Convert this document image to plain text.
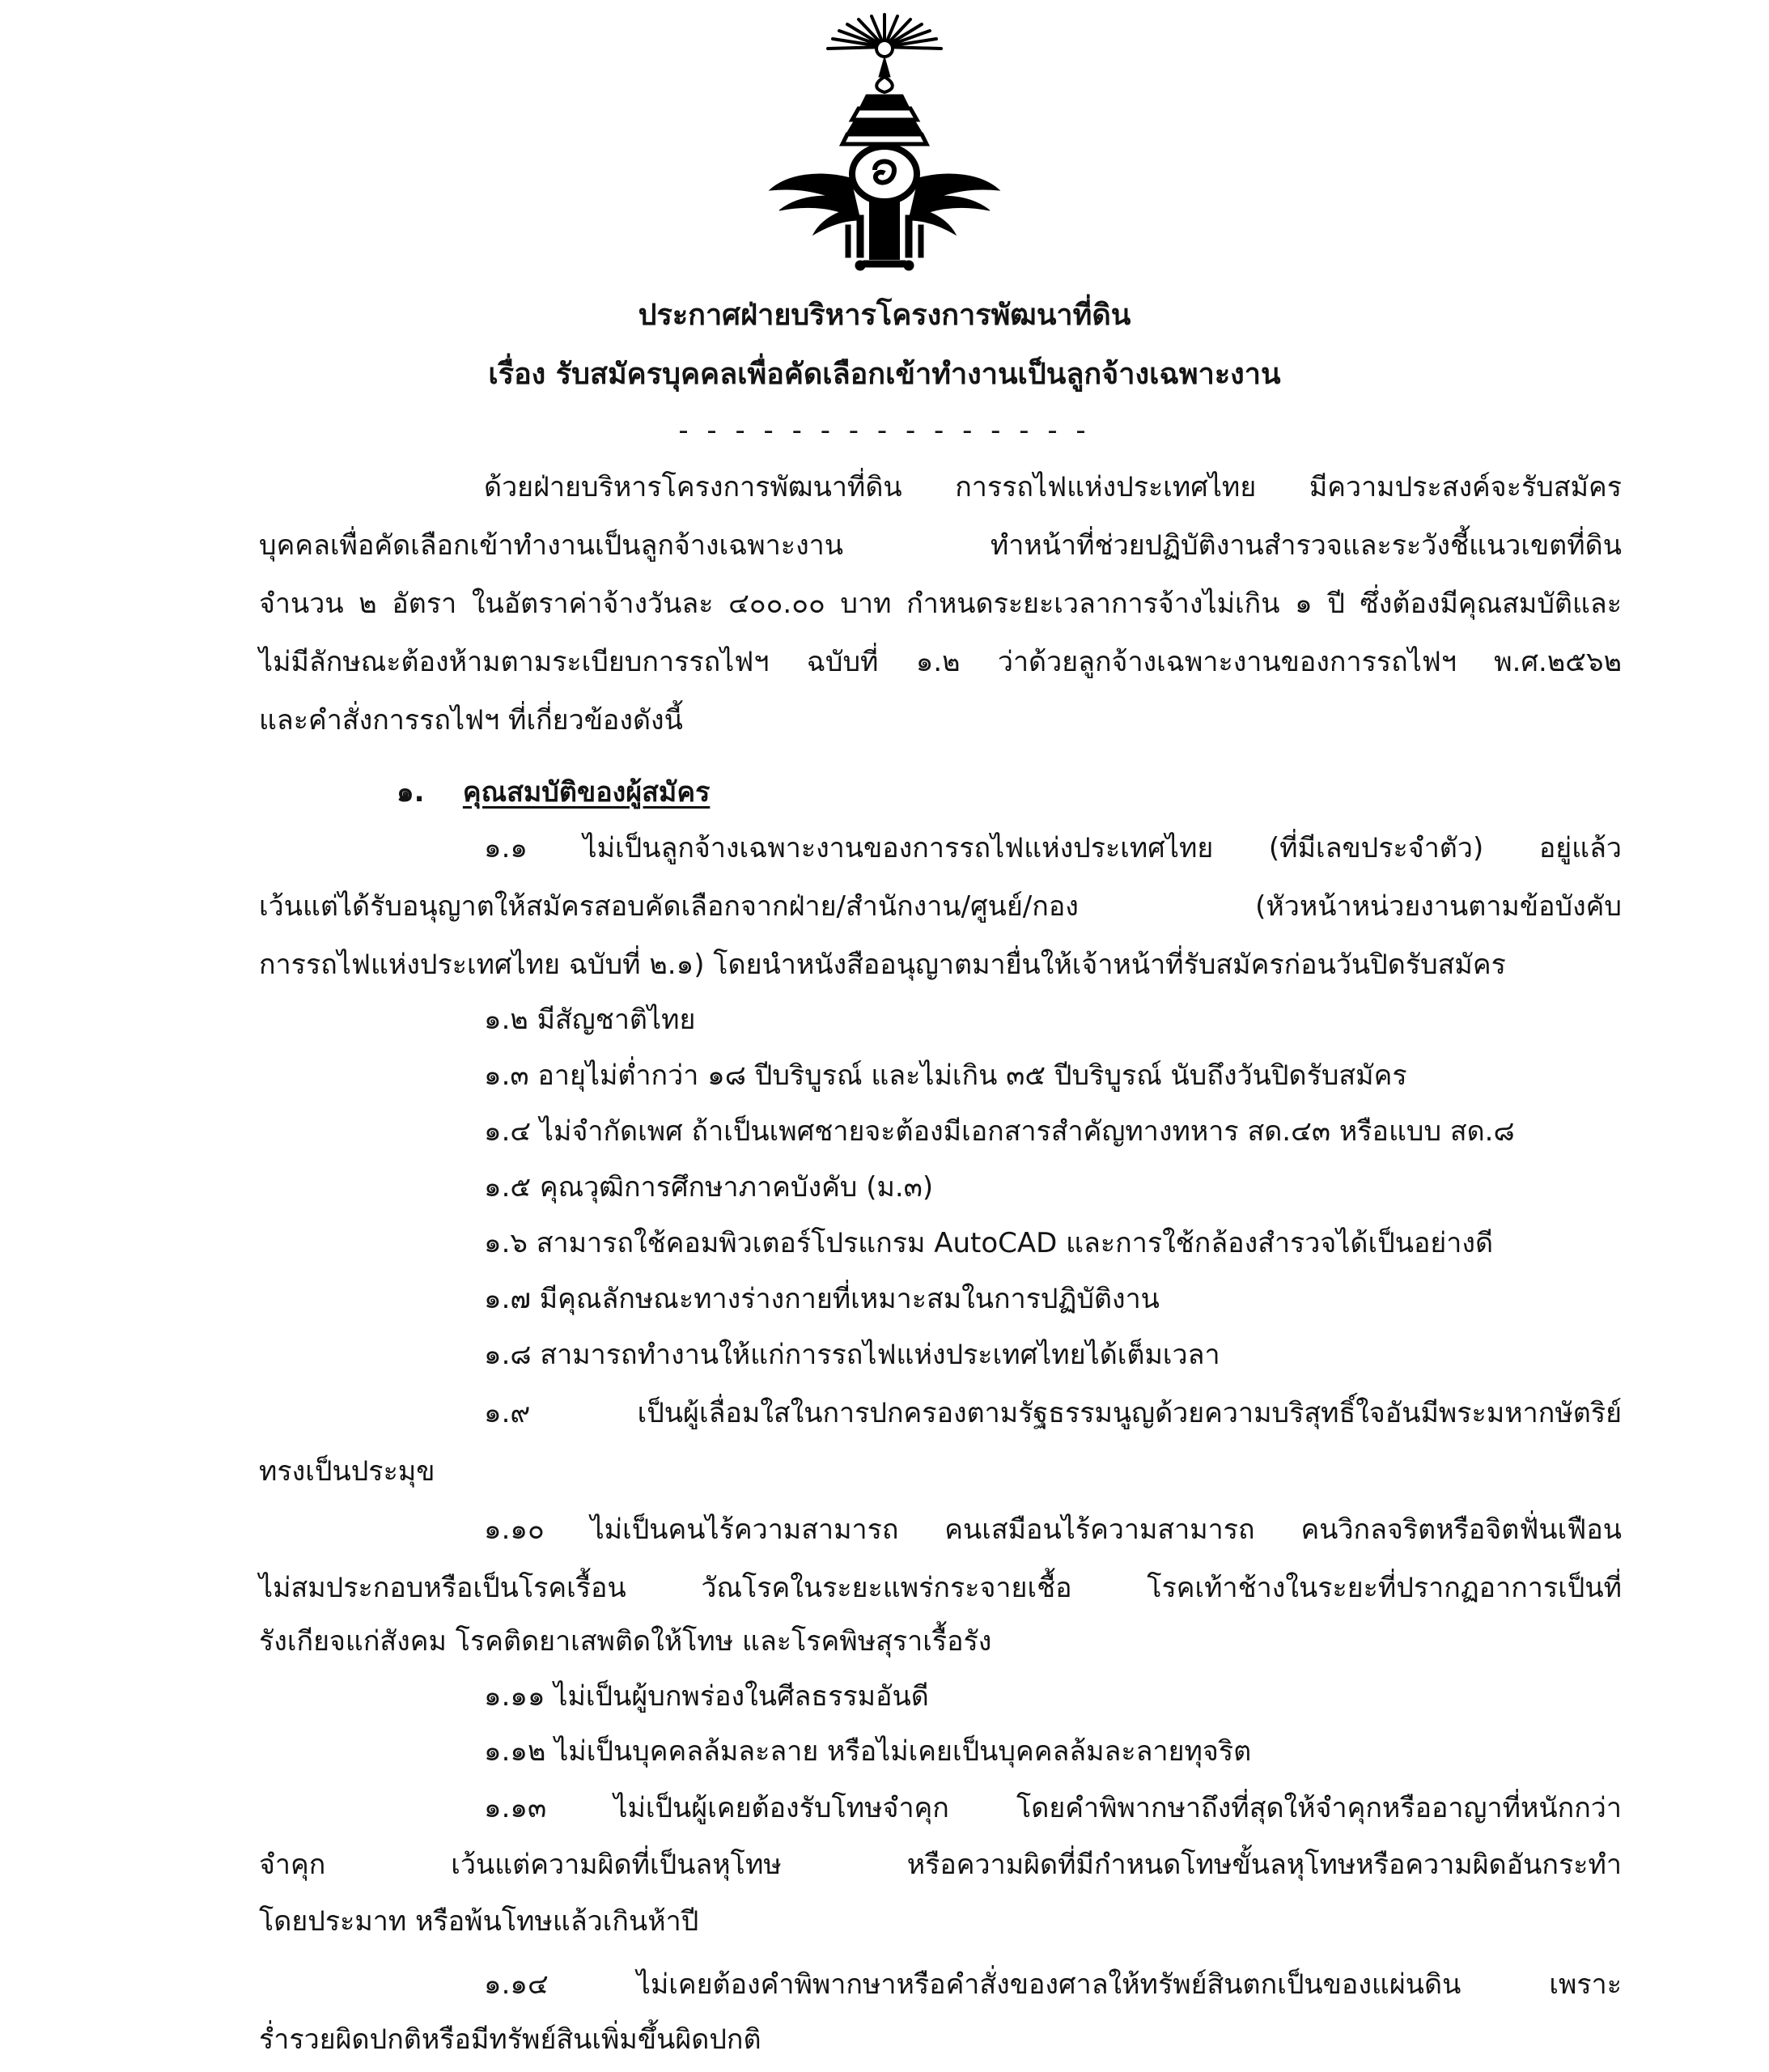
ประกาศฝ่ายบริหารโครงการพัฒนาที่ดิน
เรื่อง รับสมัครบุคคลเพื่อคัดเลือกเข้าทำงานเป็นลูกจ้างเฉพาะงาน
- - - - - - - - - - - - - - -
ด้วยฝ่ายบริหารโครงการพัฒนาที่ดิน การรถไฟแห่งประเทศไทย มีความประสงค์จะรับสมัคร
บุคคลเพื่อคัดเลือกเข้าทำงานเป็นลูกจ้างเฉพาะงาน ทำหน้าที่ช่วยปฏิบัติงานสำรวจและระวังชี้แนวเขตที่ดิน
จำนวน ๒ อัตรา ในอัตราค่าจ้างวันละ ๔๐๐.๐๐ บาท กำหนดระยะเวลาการจ้างไม่เกิน ๑ ปี ซึ่งต้องมีคุณสมบัติและ
ไม่มีลักษณะต้องห้ามตามระเบียบการรถไฟฯ ฉบับที่ ๑.๒ ว่าด้วยลูกจ้างเฉพาะงานของการรถไฟฯ พ.ศ.๒๕๖๒
และคำสั่งการรถไฟฯ ที่เกี่ยวข้องดังนี้
๑. คุณสมบัติของผู้สมัคร
๑.๑ ไม่เป็นลูกจ้างเฉพาะงานของการรถไฟแห่งประเทศไทย (ที่มีเลขประจำตัว) อยู่แล้ว
เว้นแต่ได้รับอนุญาตให้สมัครสอบคัดเลือกจากฝ่าย/สำนักงาน/ศูนย์/กอง (หัวหน้าหน่วยงานตามข้อบังคับ
การรถไฟแห่งประเทศไทย ฉบับที่ ๒.๑) โดยนำหนังสืออนุญาตมายื่นให้เจ้าหน้าที่รับสมัครก่อนวันปิดรับสมัคร
๑.๒ มีสัญชาติไทย
๑.๓ อายุไม่ต่ำกว่า ๑๘ ปีบริบูรณ์ และไม่เกิน ๓๕ ปีบริบูรณ์ นับถึงวันปิดรับสมัคร
๑.๔ ไม่จำกัดเพศ ถ้าเป็นเพศชายจะต้องมีเอกสารสำคัญทางทหาร สด.๔๓ หรือแบบ สด.๘
๑.๕ คุณวุฒิการศึกษาภาคบังคับ (ม.๓)
๑.๖ สามารถใช้คอมพิวเตอร์โปรแกรม AutoCAD และการใช้กล้องสำรวจได้เป็นอย่างดี
๑.๗ มีคุณลักษณะทางร่างกายที่เหมาะสมในการปฏิบัติงาน
๑.๘ สามารถทำงานให้แก่การรถไฟแห่งประเทศไทยได้เต็มเวลา
๑.๙ เป็นผู้เลื่อมใสในการปกครองตามรัฐธรรมนูญด้วยความบริสุทธิ์ใจอันมีพระมหากษัตริย์
ทรงเป็นประมุข
๑.๑๐ ไม่เป็นคนไร้ความสามารถ คนเสมือนไร้ความสามารถ คนวิกลจริตหรือจิตฟั่นเฟือน
ไม่สมประกอบหรือเป็นโรคเรื้อน วัณโรคในระยะแพร่กระจายเชื้อ โรคเท้าช้างในระยะที่ปรากฏอาการเป็นที่
รังเกียจแก่สังคม โรคติดยาเสพติดให้โทษ และโรคพิษสุราเรื้อรัง
๑.๑๑ ไม่เป็นผู้บกพร่องในศีลธรรมอันดี
๑.๑๒ ไม่เป็นบุคคลล้มละลาย หรือไม่เคยเป็นบุคคลล้มละลายทุจริต
๑.๑๓ ไม่เป็นผู้เคยต้องรับโทษจำคุก โดยคำพิพากษาถึงที่สุดให้จำคุกหรืออาญาที่หนักกว่า
จำคุก เว้นแต่ความผิดที่เป็นลหุโทษ หรือความผิดที่มีกำหนดโทษขั้นลหุโทษหรือความผิดอันกระทำ
โดยประมาท หรือพ้นโทษแล้วเกินห้าปี
๑.๑๔ ไม่เคยต้องคำพิพากษาหรือคำสั่งของศาลให้ทรัพย์สินตกเป็นของแผ่นดิน เพราะ
ร่ำรวยผิดปกติหรือมีทรัพย์สินเพิ่มขึ้นผิดปกติ
